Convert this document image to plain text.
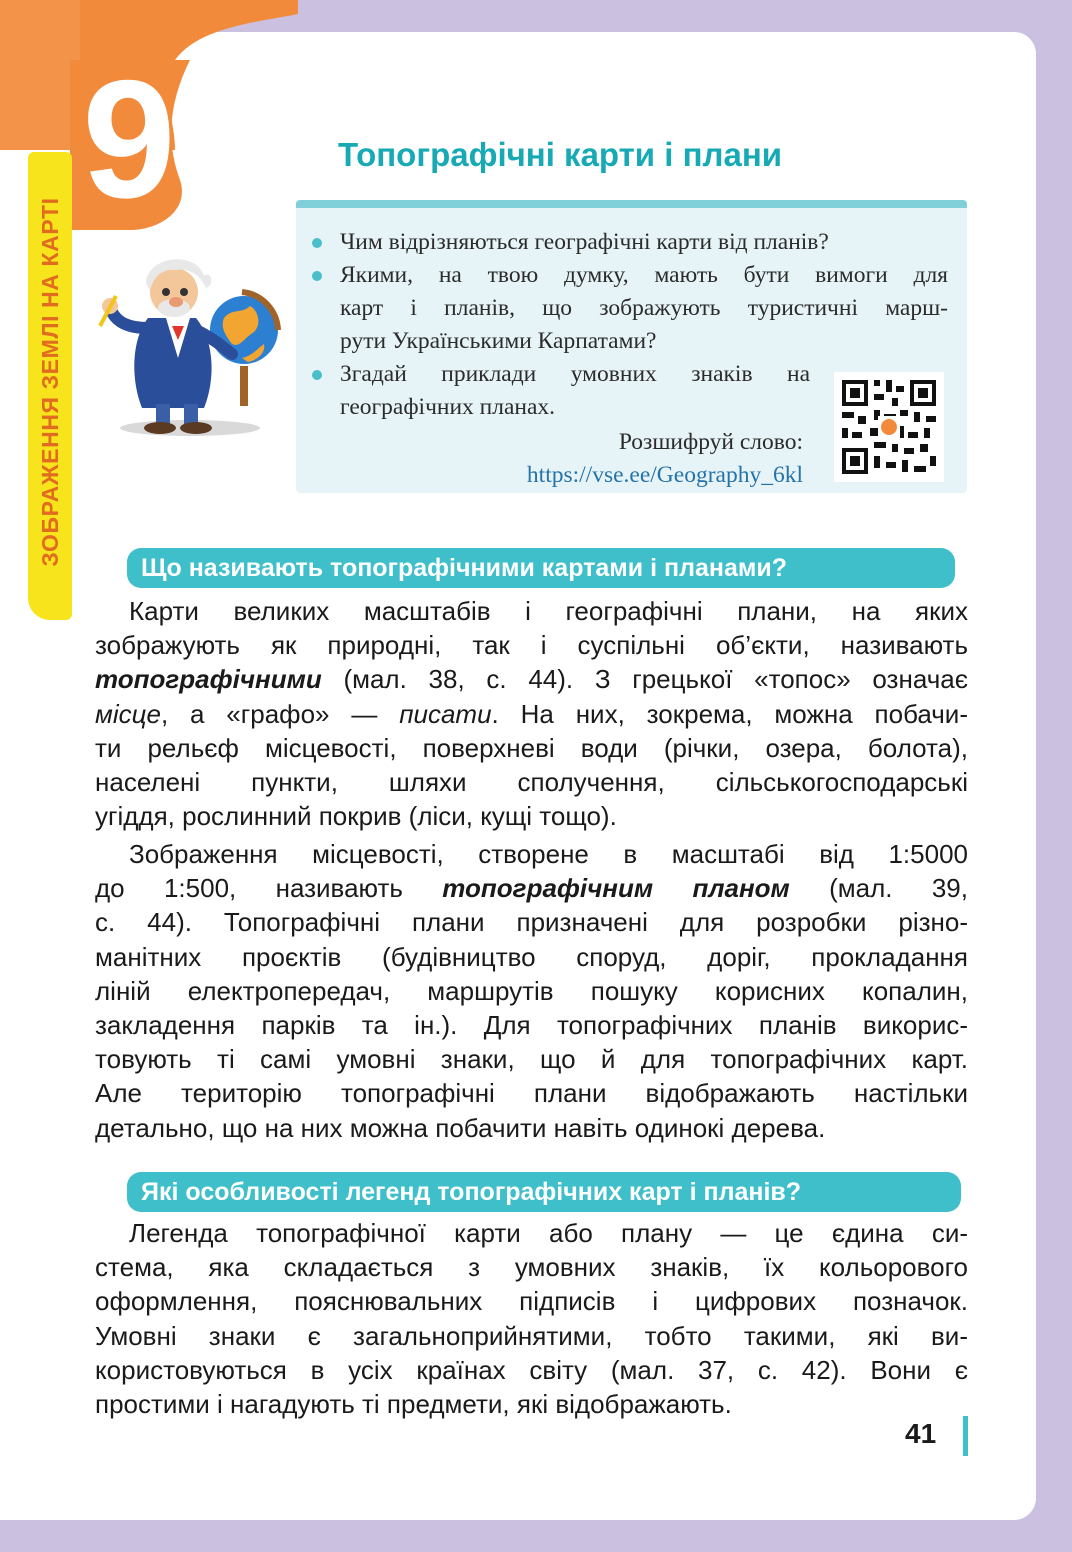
9
ЗОБРАЖЕННЯ ЗЕМЛІ НА КАРТІ
Топографічні карти і плани
Чим відрізняються географічні карти від планів?
Якими, на твою думку, мають бути вимоги для
карт і планів, що зображують туристичні марш-
рути Українськими Карпатами?
Згадай приклади умовних знаків на
географічних планах.
Розшифруй слово:
https://vse.ee/Geography_6kl
Що називають топографічними картами і планами?
Карти великих масштабів і географічні плани, на яких
зображують як природні, так і суспільні об’єкти, називають
топографічними (мал. 38, с. 44). З грецької «топос» означає
місце, а «графо» — писати. На них, зокрема, можна побачи-
ти рельєф місцевості, поверхневі води (річки, озера, болота),
населені пункти, шляхи сполучення, сільськогосподарські
угіддя, рослинний покрив (ліси, кущі тощо).
Зображення місцевості, створене в масштабі від 1:5000
до 1:500, називають топографічним планом (мал. 39,
с. 44). Топографічні плани призначені для розробки різно-
манітних проєктів (будівництво споруд, доріг, прокладання
ліній електропередач, маршрутів пошуку корисних копалин,
закладення парків та ін.). Для топографічних планів викорис-
товують ті самі умовні знаки, що й для топографічних карт.
Але територію топографічні плани відображають настільки
детально, що на них можна побачити навіть одинокі дерева.
Які особливості легенд топографічних карт і планів?
Легенда топографічної карти або плану — це єдина си-
стема, яка складається з умовних знаків, їх кольорового
оформлення, пояснювальних підписів і цифрових позначок.
Умовні знаки є загальноприйнятими, тобто такими, які ви-
користовуються в усіх країнах світу (мал. 37, с. 42). Вони є
простими і нагадують ті предмети, які відображають.
41
